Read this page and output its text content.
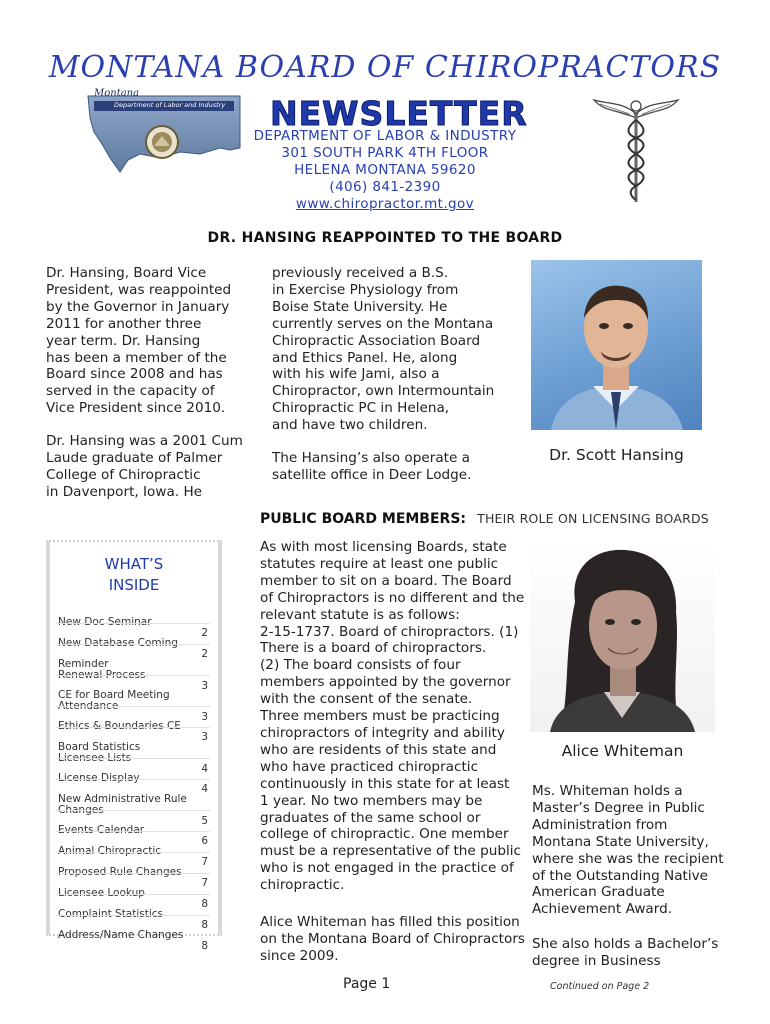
MONTANA BOARD OF CHIROPRACTORS
Montana
Department of Labor and Industry NEWSLETTER
DEPARTMENT OF LABOR & INDUSTRY
301 SOUTH PARK 4TH FLOOR
HELENA MONTANA 59620
(406) 841-2390
www.chiropractor.mt.gov
DR. HANSING REAPPOINTED TO THE BOARD
Dr. Hansing, Board Vice
President, was reappointed
by the Governor in January
2011 for another three
year term. Dr. Hansing
has been a member of the
Board since 2008 and has
served in the capacity of
Vice President since 2010.
Dr. Hansing was a 2001 Cum
Laude graduate of Palmer
College of Chiropractic
in Davenport, Iowa. He
previously received a B.S.
in Exercise Physiology from
Boise State University. He
currently serves on the Montana
Chiropractic Association Board
and Ethics Panel. He, along
with his wife Jami, also a
Chiropractor, own Intermountain
Chiropractic PC in Helena,
and have two children.
The Hansing’s also operate a
satellite office in Deer Lodge.
Dr. Scott Hansing
PUBLIC BOARD MEMBERS: THEIR ROLE ON LICENSING BOARDS
WHAT’S
INSIDE

New Doc Seminar

2

New Database Coming

2

Reminder
Renewal Process

3

CE for Board Meeting
Attendance

3

Ethics & Boundaries CE

3

Board Statistics
Licensee Lists

4

License Display

4

New Administrative Rule
Changes

5

Events Calendar

6

Animal Chiropractic

7

Proposed Rule Changes

7

Licensee Lookup

8

Complaint Statistics

8

Address/Name Changes

8

As with most licensing Boards, state
statutes require at least one public
member to sit on a board. The Board
of Chiropractors is no different and the
relevant statute is as follows:
2-15-1737. Board of chiropractors. (1)
There is a board of chiropractors.
(2) The board consists of four
members appointed by the governor
with the consent of the senate.
Three members must be practicing
chiropractors of integrity and ability
who are residents of this state and
who have practiced chiropractic
continuously in this state for at least
1 year. No two members may be
graduates of the same school or
college of chiropractic. One member
must be a representative of the public
who is not engaged in the practice of
chiropractic.
Alice Whiteman has filled this position
on the Montana Board of Chiropractors
since 2009.
Alice Whiteman
Ms. Whiteman holds a
Master’s Degree in Public
Administration from
Montana State University,
where she was the recipient
of the Outstanding Native
American Graduate
Achievement Award.
She also holds a Bachelor’s
degree in Business
Page 1	Continued on Page 2
